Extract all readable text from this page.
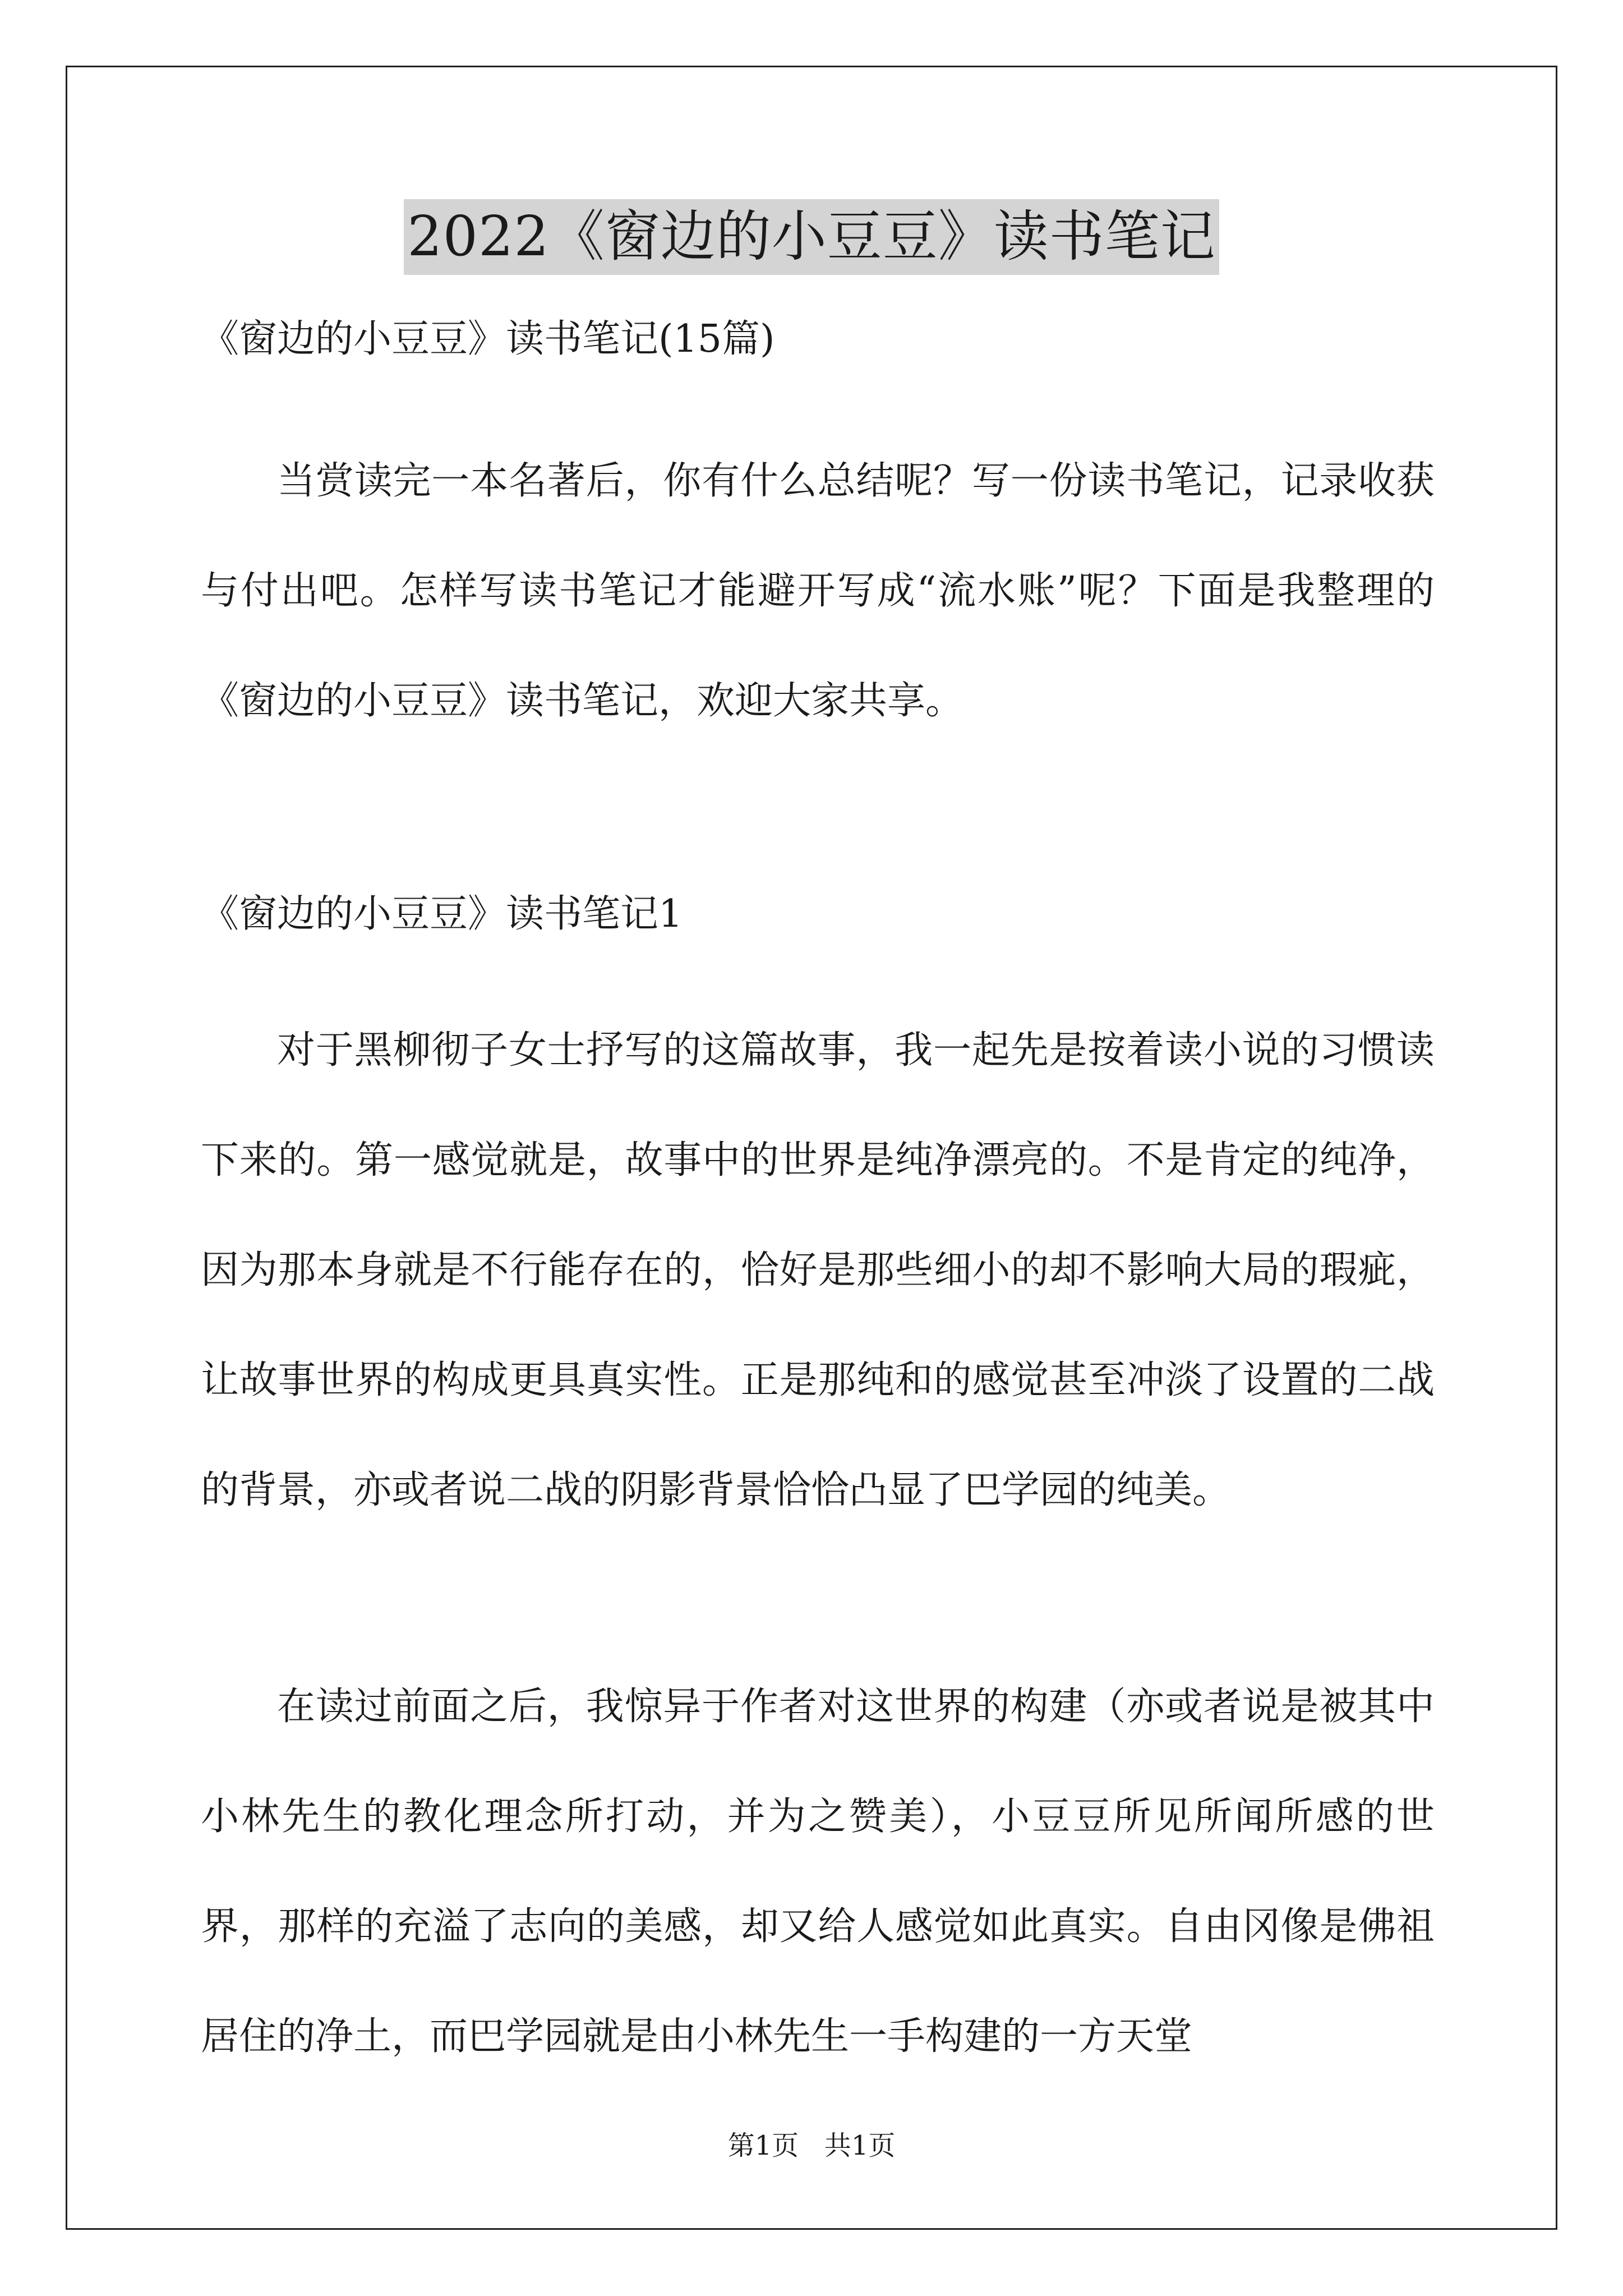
2022《窗边的小豆豆》读书笔记
《窗边的小豆豆》读书笔记(15篇)

当赏读完一本名著后，你有什么总结呢？写一份读书笔记，记录收获与付出吧。怎样写读书笔记才能避开写成“流水账”呢？下面是我整理的《窗边的小豆豆》读书笔记，欢迎大家共享。

《窗边的小豆豆》读书笔记1

对于黑柳彻子女士抒写的这篇故事，我一起先是按着读小说的习惯读下来的。第一感觉就是，故事中的世界是纯净漂亮的。不是肯定的纯净，因为那本身就是不行能存在的，恰好是那些细小的却不影响大局的瑕疵，让故事世界的构成更具真实性。正是那纯和的感觉甚至冲淡了设置的二战的背景，亦或者说二战的阴影背景恰恰凸显了巴学园的纯美。

在读过前面之后，我惊异于作者对这世界的构建（亦或者说是被其中小林先生的教化理念所打动，并为之赞美），小豆豆所见所闻所感的世界，那样的充溢了志向的美感，却又给人感觉如此真实。自由冈像是佛祖居住的净土，而巴学园就是由小林先生一手构建的一方天堂

第1页   共1页
